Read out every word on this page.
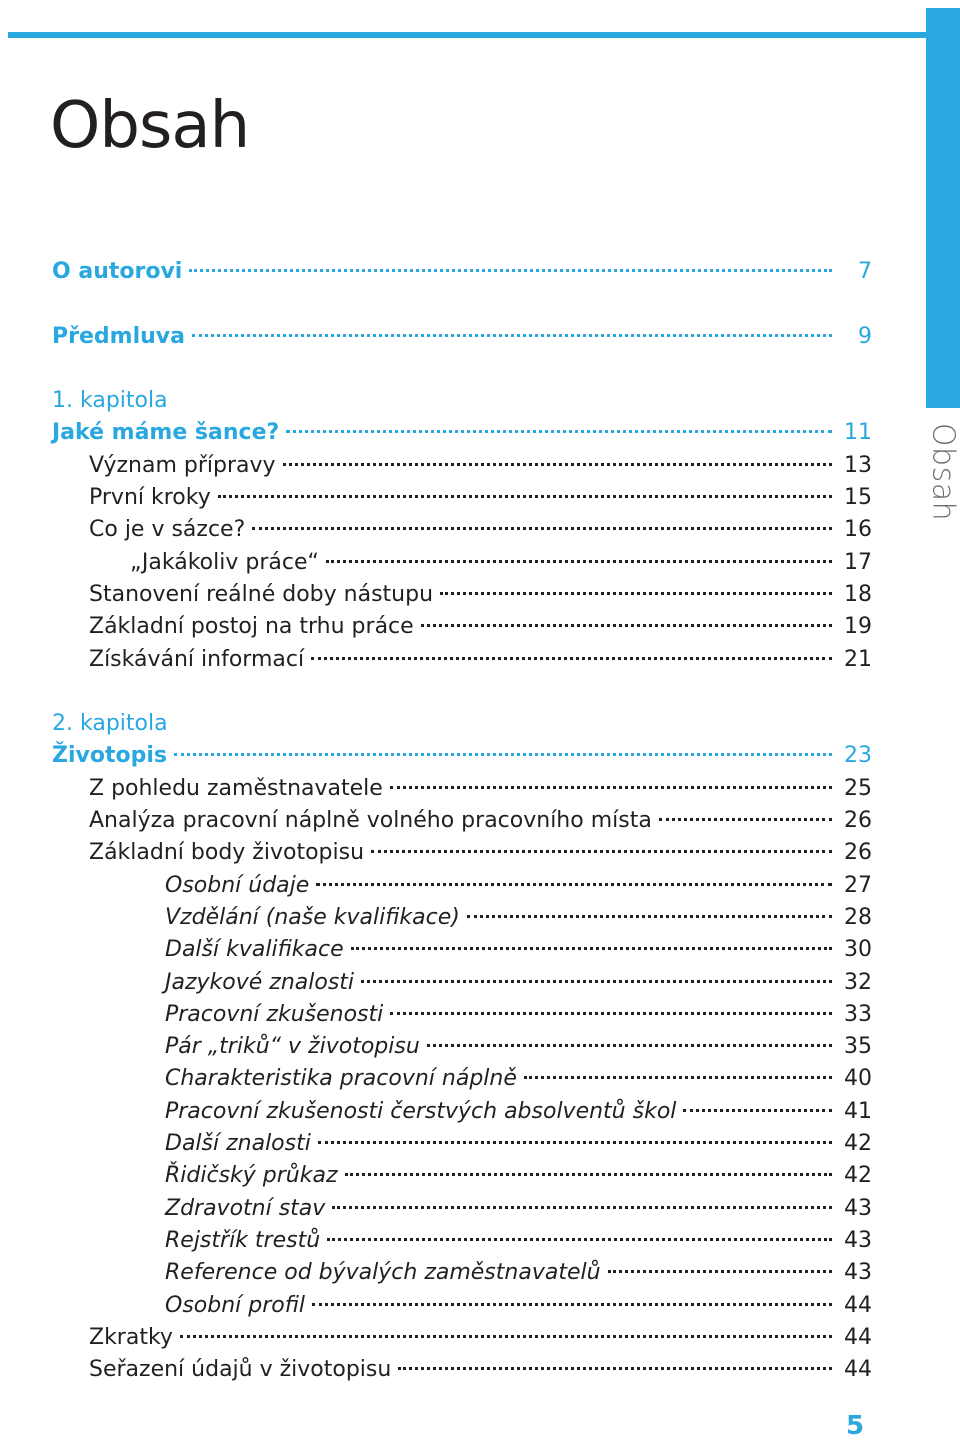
Obsah
Obsah
O autorovi	7
Předmluva	9
1. kapitola
Jaké máme šance?	11
Význam přípravy	13
První kroky	15
Co je v sázce?	16
„Jakákoliv práce“	17
Stanovení reálné doby nástupu	18
Základní postoj na trhu práce	19
Získávání informací	21
2. kapitola
Životopis	23
Z pohledu zaměstnavatele	25
Analýza pracovní náplně volného pracovního místa	26
Základní body životopisu	26
Osobní údaje	27
Vzdělání (naše kvalifikace)	28
Další kvalifikace	30
Jazykové znalosti	32
Pracovní zkušenosti	33
Pár „triků“ v životopisu	35
Charakteristika pracovní náplně	40
Pracovní zkušenosti čerstvých absolventů škol	41
Další znalosti	42
Řidičský průkaz	42
Zdravotní stav	43
Rejstřík trestů	43
Reference od bývalých zaměstnavatelů	43
Osobní profil	44
Zkratky	44
Seřazení údajů v životopisu	44
5
